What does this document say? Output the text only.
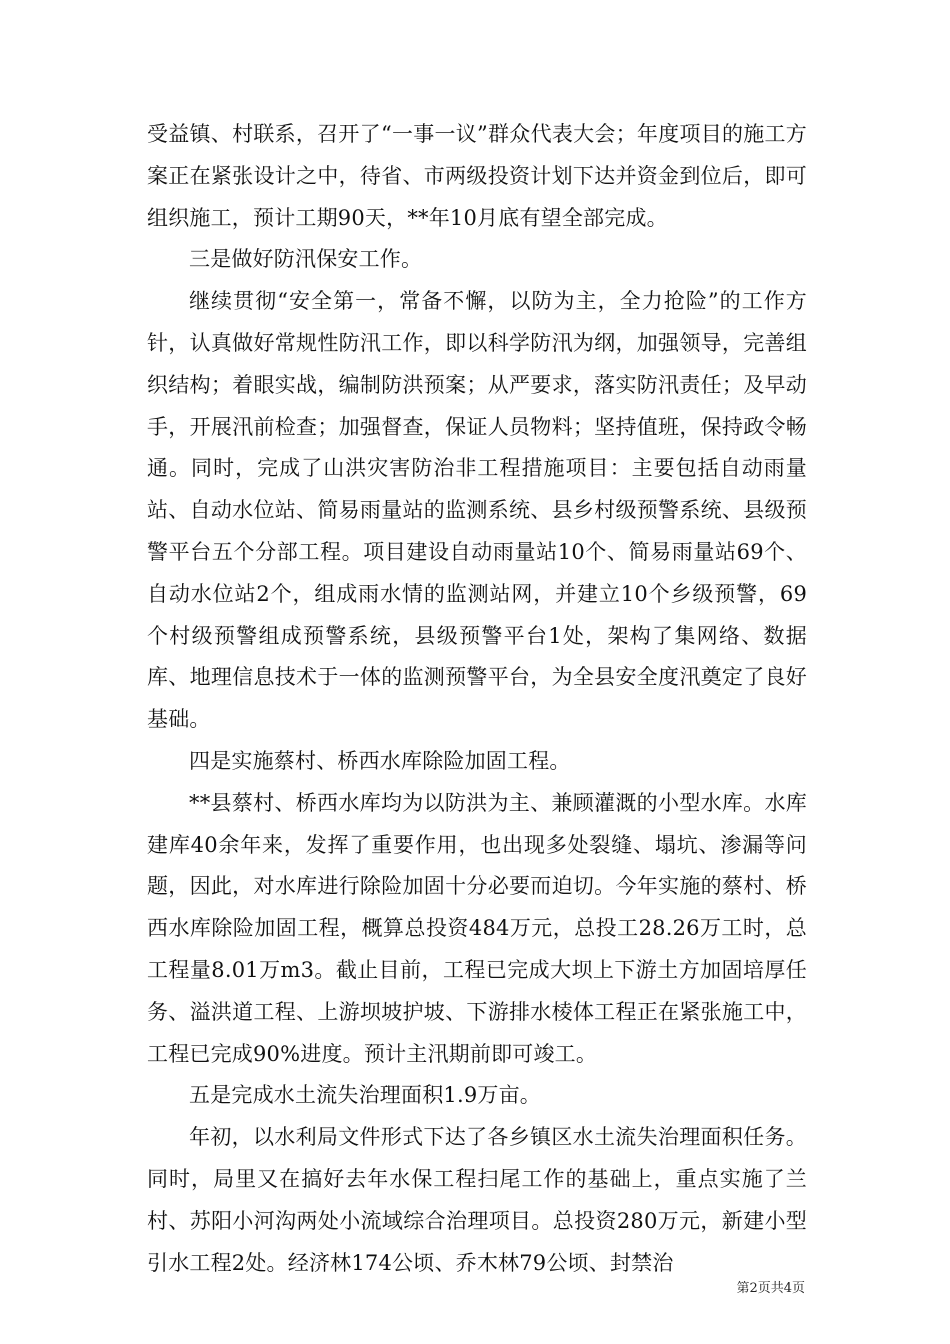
受益镇、村联系，召开了“一事一议”群众代表大会；年度项目的施工方案正在紧张设计之中，待省、市两级投资计划下达并资金到位后，即可组织施工，预计工期90天，**年10月底有望全部完成。

三是做好防汛保安工作。

继续贯彻“安全第一，常备不懈，以防为主，全力抢险”的工作方针，认真做好常规性防汛工作，即以科学防汛为纲，加强领导，完善组织结构；着眼实战，编制防洪预案；从严要求，落实防汛责任；及早动手，开展汛前检查；加强督查，保证人员物料；坚持值班，保持政令畅通。同时，完成了山洪灾害防治非工程措施项目：主要包括自动雨量站、自动水位站、简易雨量站的监测系统、县乡村级预警系统、县级预警平台五个分部工程。项目建设自动雨量站10个、简易雨量站69个、自动水位站2个，组成雨水情的监测站网，并建立10个乡级预警，69个村级预警组成预警系统，县级预警平台1处，架构了集网络、数据库、地理信息技术于一体的监测预警平台，为全县安全度汛奠定了良好基础。

四是实施蔡村、桥西水库除险加固工程。

**县蔡村、桥西水库均为以防洪为主、兼顾灌溉的小型水库。水库建库40余年来，发挥了重要作用，也出现多处裂缝、塌坑、渗漏等问题，因此，对水库进行除险加固十分必要而迫切。今年实施的蔡村、桥西水库除险加固工程，概算总投资484万元，总投工28.26万工时，总工程量8.01万m3。截止目前，工程已完成大坝上下游土方加固培厚任务、溢洪道工程、上游坝坡护坡、下游排水棱体工程正在紧张施工中，工程已完成90%进度。预计主汛期前即可竣工。

五是完成水土流失治理面积1.9万亩。

年初，以水利局文件形式下达了各乡镇区水土流失治理面积任务。同时，局里又在搞好去年水保工程扫尾工作的基础上，重点实施了兰村、苏阳小河沟两处小流域综合治理项目。总投资280万元，新建小型引水工程2处。经济林174公顷、乔木林79公顷、封禁治

第2页共4页
